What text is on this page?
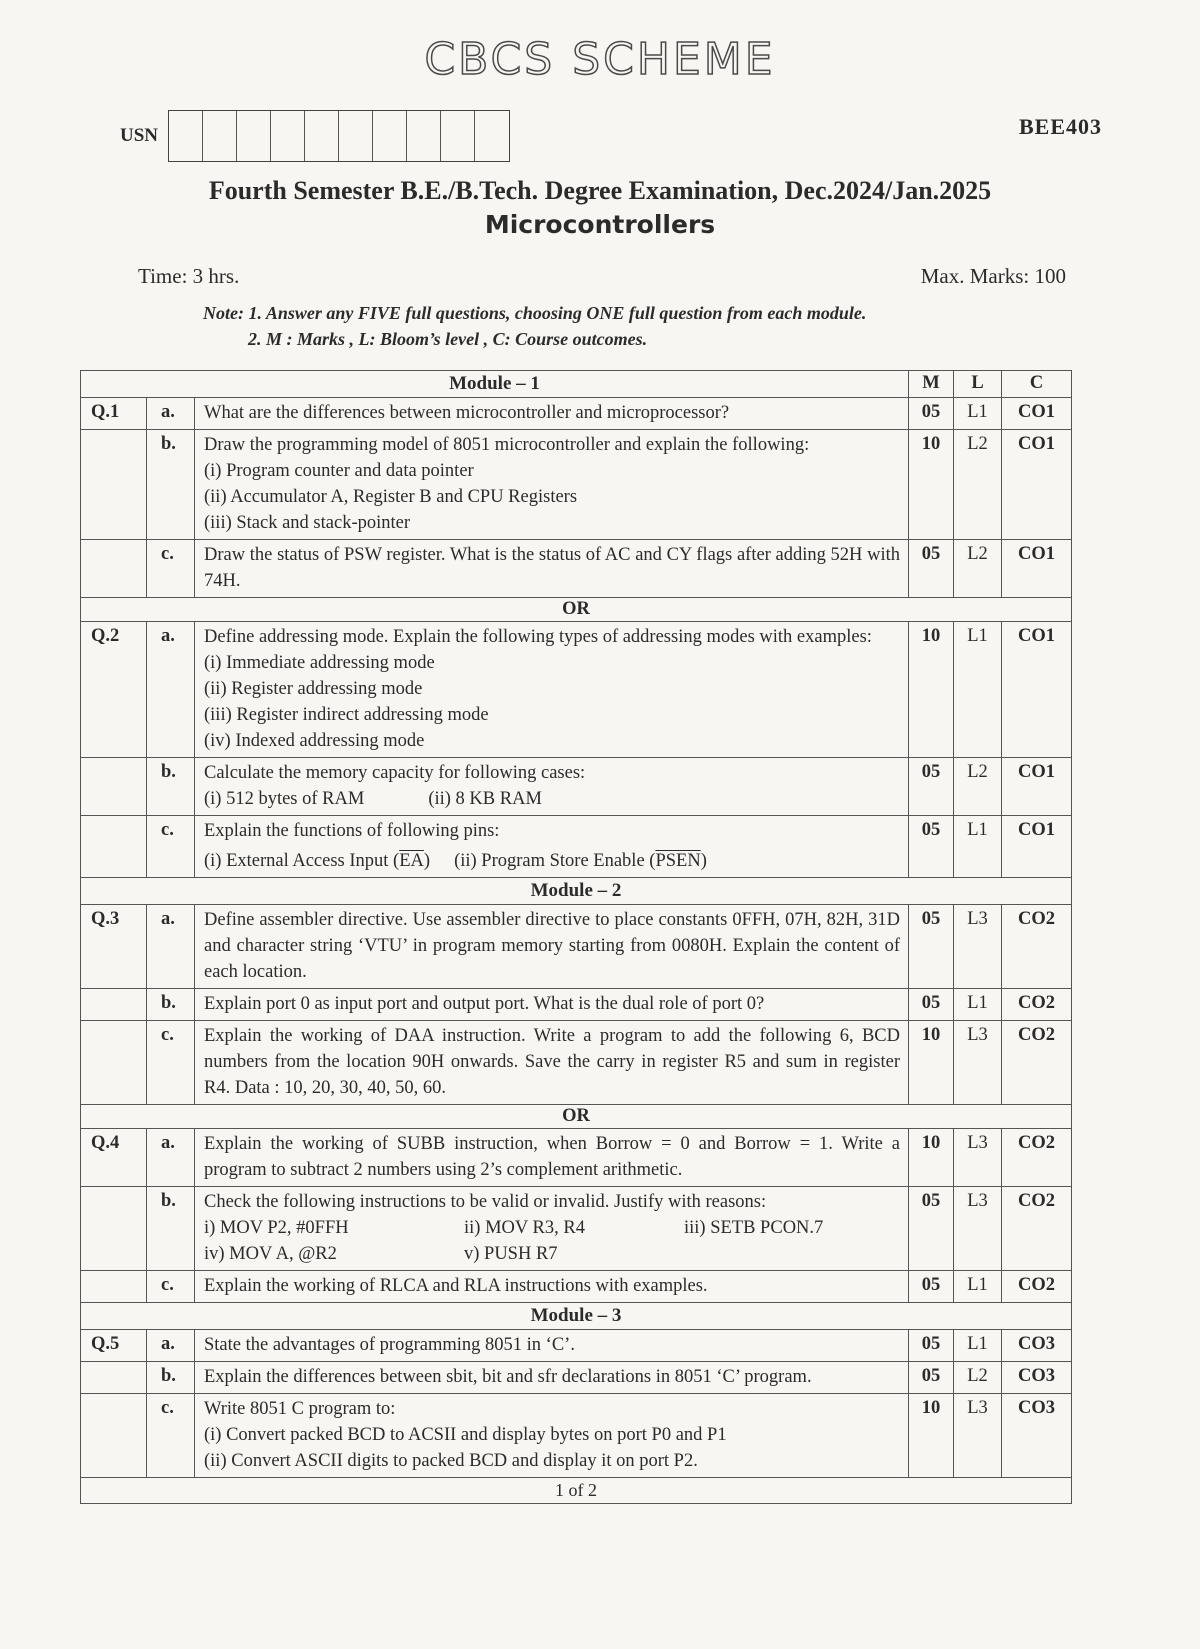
CBCS SCHEME
USN	BEE403
Fourth Semester B.E./B.Tech. Degree Examination, Dec.2024/Jan.2025
Microcontrollers
Time: 3 hrs.	Max. Marks: 100
Note: 1. Answer any FIVE full questions, choosing ONE full question from each module.
2. M : Marks , L: Bloom’s level , C: Course outcomes.
Module – 1			M	L	C
Q.1	a.	What are the differences between microcontroller and microprocessor?	05	L1	CO1
	b.	Draw the programming model of 8051 microcontroller and explain the following:
(i) Program counter and data pointer
(ii) Accumulator A, Register B and CPU Registers
(iii) Stack and stack-pointer	10	L2	CO1
	c.	Draw the status of PSW register. What is the status of AC and CY flags after adding 52H with 74H.	05	L2	CO1
OR					
Q.2	a.	Define addressing mode. Explain the following types of addressing modes with examples:
(i) Immediate addressing mode
(ii) Register addressing mode
(iii) Register indirect addressing mode
(iv) Indexed addressing mode	10	L1	CO1
	b.	Calculate the memory capacity for following cases:
(i) 512 bytes of RAM (ii) 8 KB RAM	05	L2	CO1
	c.	Explain the functions of following pins:
(i) External Access Input $(\overline{EA})$ (ii) Program Store Enable (PSEN)	05	L1	CO1
Module – 2					
Q.3	a.	Define assembler directive. Use assembler directive to place constants 0FFH, 07H, 82H, 31D and character string ‘VTU’ in program memory starting from 0080H. Explain the content of each location.	05	L3	CO2
	b.	Explain port 0 as input port and output port. What is the dual role of port 0?	05	L1	CO2
	c.	Explain the working of DAA instruction. Write a program to add the following 6, BCD numbers from the location 90H onwards. Save the carry in register R5 and sum in register R4. Data : 10, 20, 30, 40, 50, 60.	10	L3	CO2
OR					
Q.4	a.	Explain the working of SUBB instruction, when Borrow = 0 and Borrow = 1. Write a program to subtract 2 numbers using 2’s complement arithmetic.	10	L3	CO2
	b.	Check the following instructions to be valid or invalid. Justify with reasons:
i) MOV P2, #0FFH ii) MOV R3, R4 iii) SETB PCON.7
iv) MOV A, @R2 v) PUSH R7	05	L3	CO2
	c.	Explain the working of RLCA and RLA instructions with examples.	05	L1	CO2
Module – 3					
Q.5	a.	State the advantages of programming 8051 in ‘C’.	05	L1	CO3
	b.	Explain the differences between sbit, bit and sfr declarations in 8051 ‘C’ program.	05	L2	CO3
	c.	Write 8051 C program to:
(i) Convert packed BCD to ACSII and display bytes on port P0 and P1
(ii) Convert ASCII digits to packed BCD and display it on port P2.	10	L3	CO3
1 of 2					
